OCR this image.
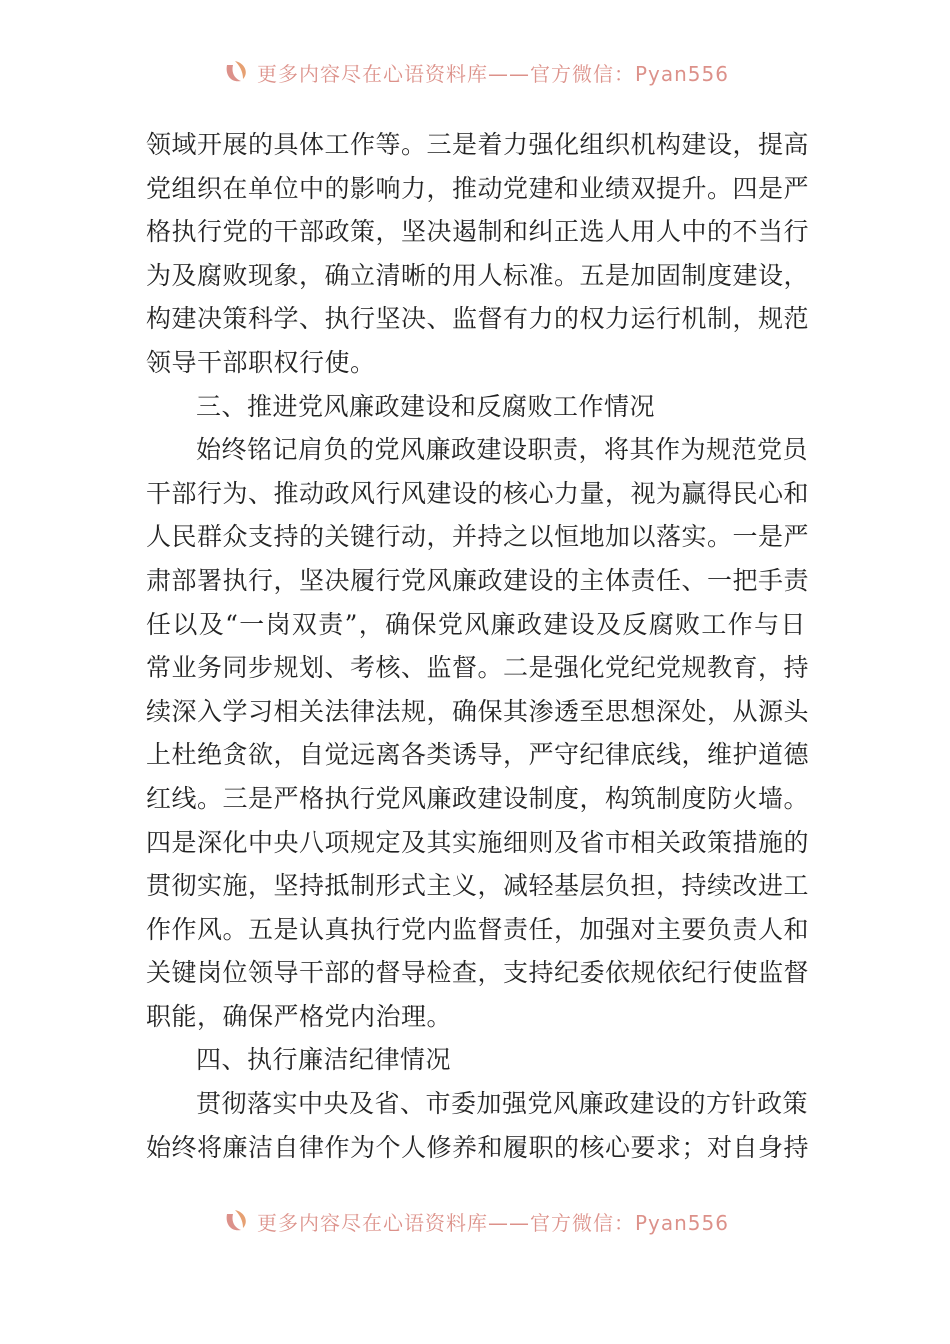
更多内容尽在心语资料库——官方微信：Pyan556
领域开展的具体工作等。三是着力强化组织机构建设，提高
党组织在单位中的影响力，推动党建和业绩双提升。四是严
格执行党的干部政策，坚决遏制和纠正选人用人中的不当行
为及腐败现象，确立清晰的用人标准。五是加固制度建设，
构建决策科学、执行坚决、监督有力的权力运行机制，规范
领导干部职权行使。
三、推进党风廉政建设和反腐败工作情况
始终铭记肩负的党风廉政建设职责，将其作为规范党员
干部行为、推动政风行风建设的核心力量，视为赢得民心和
人民群众支持的关键行动，并持之以恒地加以落实。一是严
肃部署执行，坚决履行党风廉政建设的主体责任、一把手责
任以及“一岗双责”，确保党风廉政建设及反腐败工作与日
常业务同步规划、考核、监督。二是强化党纪党规教育，持
续深入学习相关法律法规，确保其渗透至思想深处，从源头
上杜绝贪欲，自觉远离各类诱导，严守纪律底线，维护道德
红线。三是严格执行党风廉政建设制度，构筑制度防火墙。
四是深化中央八项规定及其实施细则及省市相关政策措施的
贯彻实施，坚持抵制形式主义，减轻基层负担，持续改进工
作作风。五是认真执行党内监督责任，加强对主要负责人和
关键岗位领导干部的督导检查，支持纪委依规依纪行使监督
职能，确保严格党内治理。
四、执行廉洁纪律情况
贯彻落实中央及省、市委加强党风廉政建设的方针政策
始终将廉洁自律作为个人修养和履职的核心要求；对自身持
更多内容尽在心语资料库——官方微信：Pyan556
